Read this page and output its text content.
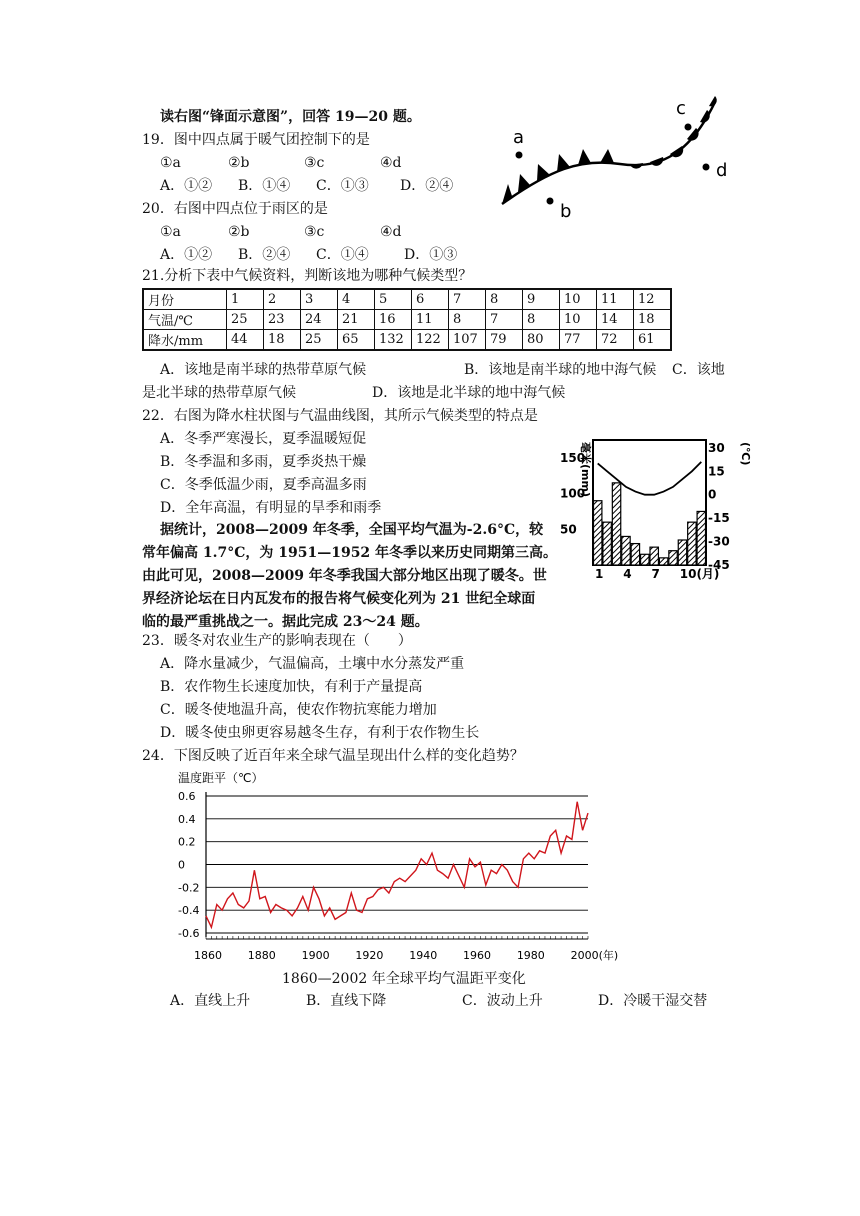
读右图“锋面示意图”，回答 19—20 题。
19．图中四点属于暖气团控制下的是
①a	②b	③c	④d
A．①② B．①④ C．①③ D．②④
20．右图中四点位于雨区的是
①a	②b	③c	④d
A．①② B．②④ C．①④	D．①③
a
b
c
d
21.分析下表中气候资料，判断该地为哪种气候类型？
月份	1	2	3	4	5	6	7	8	9	10	11	12
气温/℃	25	23	24	21	16	11	8	7	8	10	14	18
降水/mm	44	18	25	65	132	122	107	79	80	77	72	61
A．该地是南半球的热带草原气候	B．该地是南半球的地中海气候 C．该地
是北半球的热带草原气候	D．该地是北半球的地中海气候
22．右图为降水柱状图与气温曲线图，其所示气候类型的特点是
A．冬季严寒漫长，夏季温暖短促
B．冬季温和多雨，夏季炎热干燥
C．冬季低温少雨，夏季高温多雨
D．全年高温，有明显的旱季和雨季
毫米(mm)	(℃)
150
100
50
30
15
0
-15
-30
-45
1 4 7 10(月)
据统计，2008—2009 年冬季，全国平均气温为-2.6°C，较
常年偏高 1.7°C，为 1951—1952 年冬季以来历史同期第三高。
由此可见，2008—2009 年冬季我国大部分地区出现了暖冬。世
界经济论坛在日内瓦发布的报告将气候变化列为 21 世纪全球面
临的最严重挑战之一。据此完成 23～24 题。
23．暖冬对农业生产的影响表现在（　　）
A．降水量减少，气温偏高，土壤中水分蒸发严重
B．农作物生长速度加快，有利于产量提高
C．暖冬使地温升高，使农作物抗寒能力增加
D．暖冬使虫卵更容易越冬生存，有利于农作物生长
24．下图反映了近百年来全球气温呈现出什么样的变化趋势？
温度距平（℃）
0.6
0.4
0.2
0
-0.2
-0.4
-0.6
1860 1880 1900 1920 1940 1960 1980 2000(年)
1860—2002 年全球平均气温距平变化
A．直线上升	B．直线下降	C．波动上升	D．冷暖干湿交替
